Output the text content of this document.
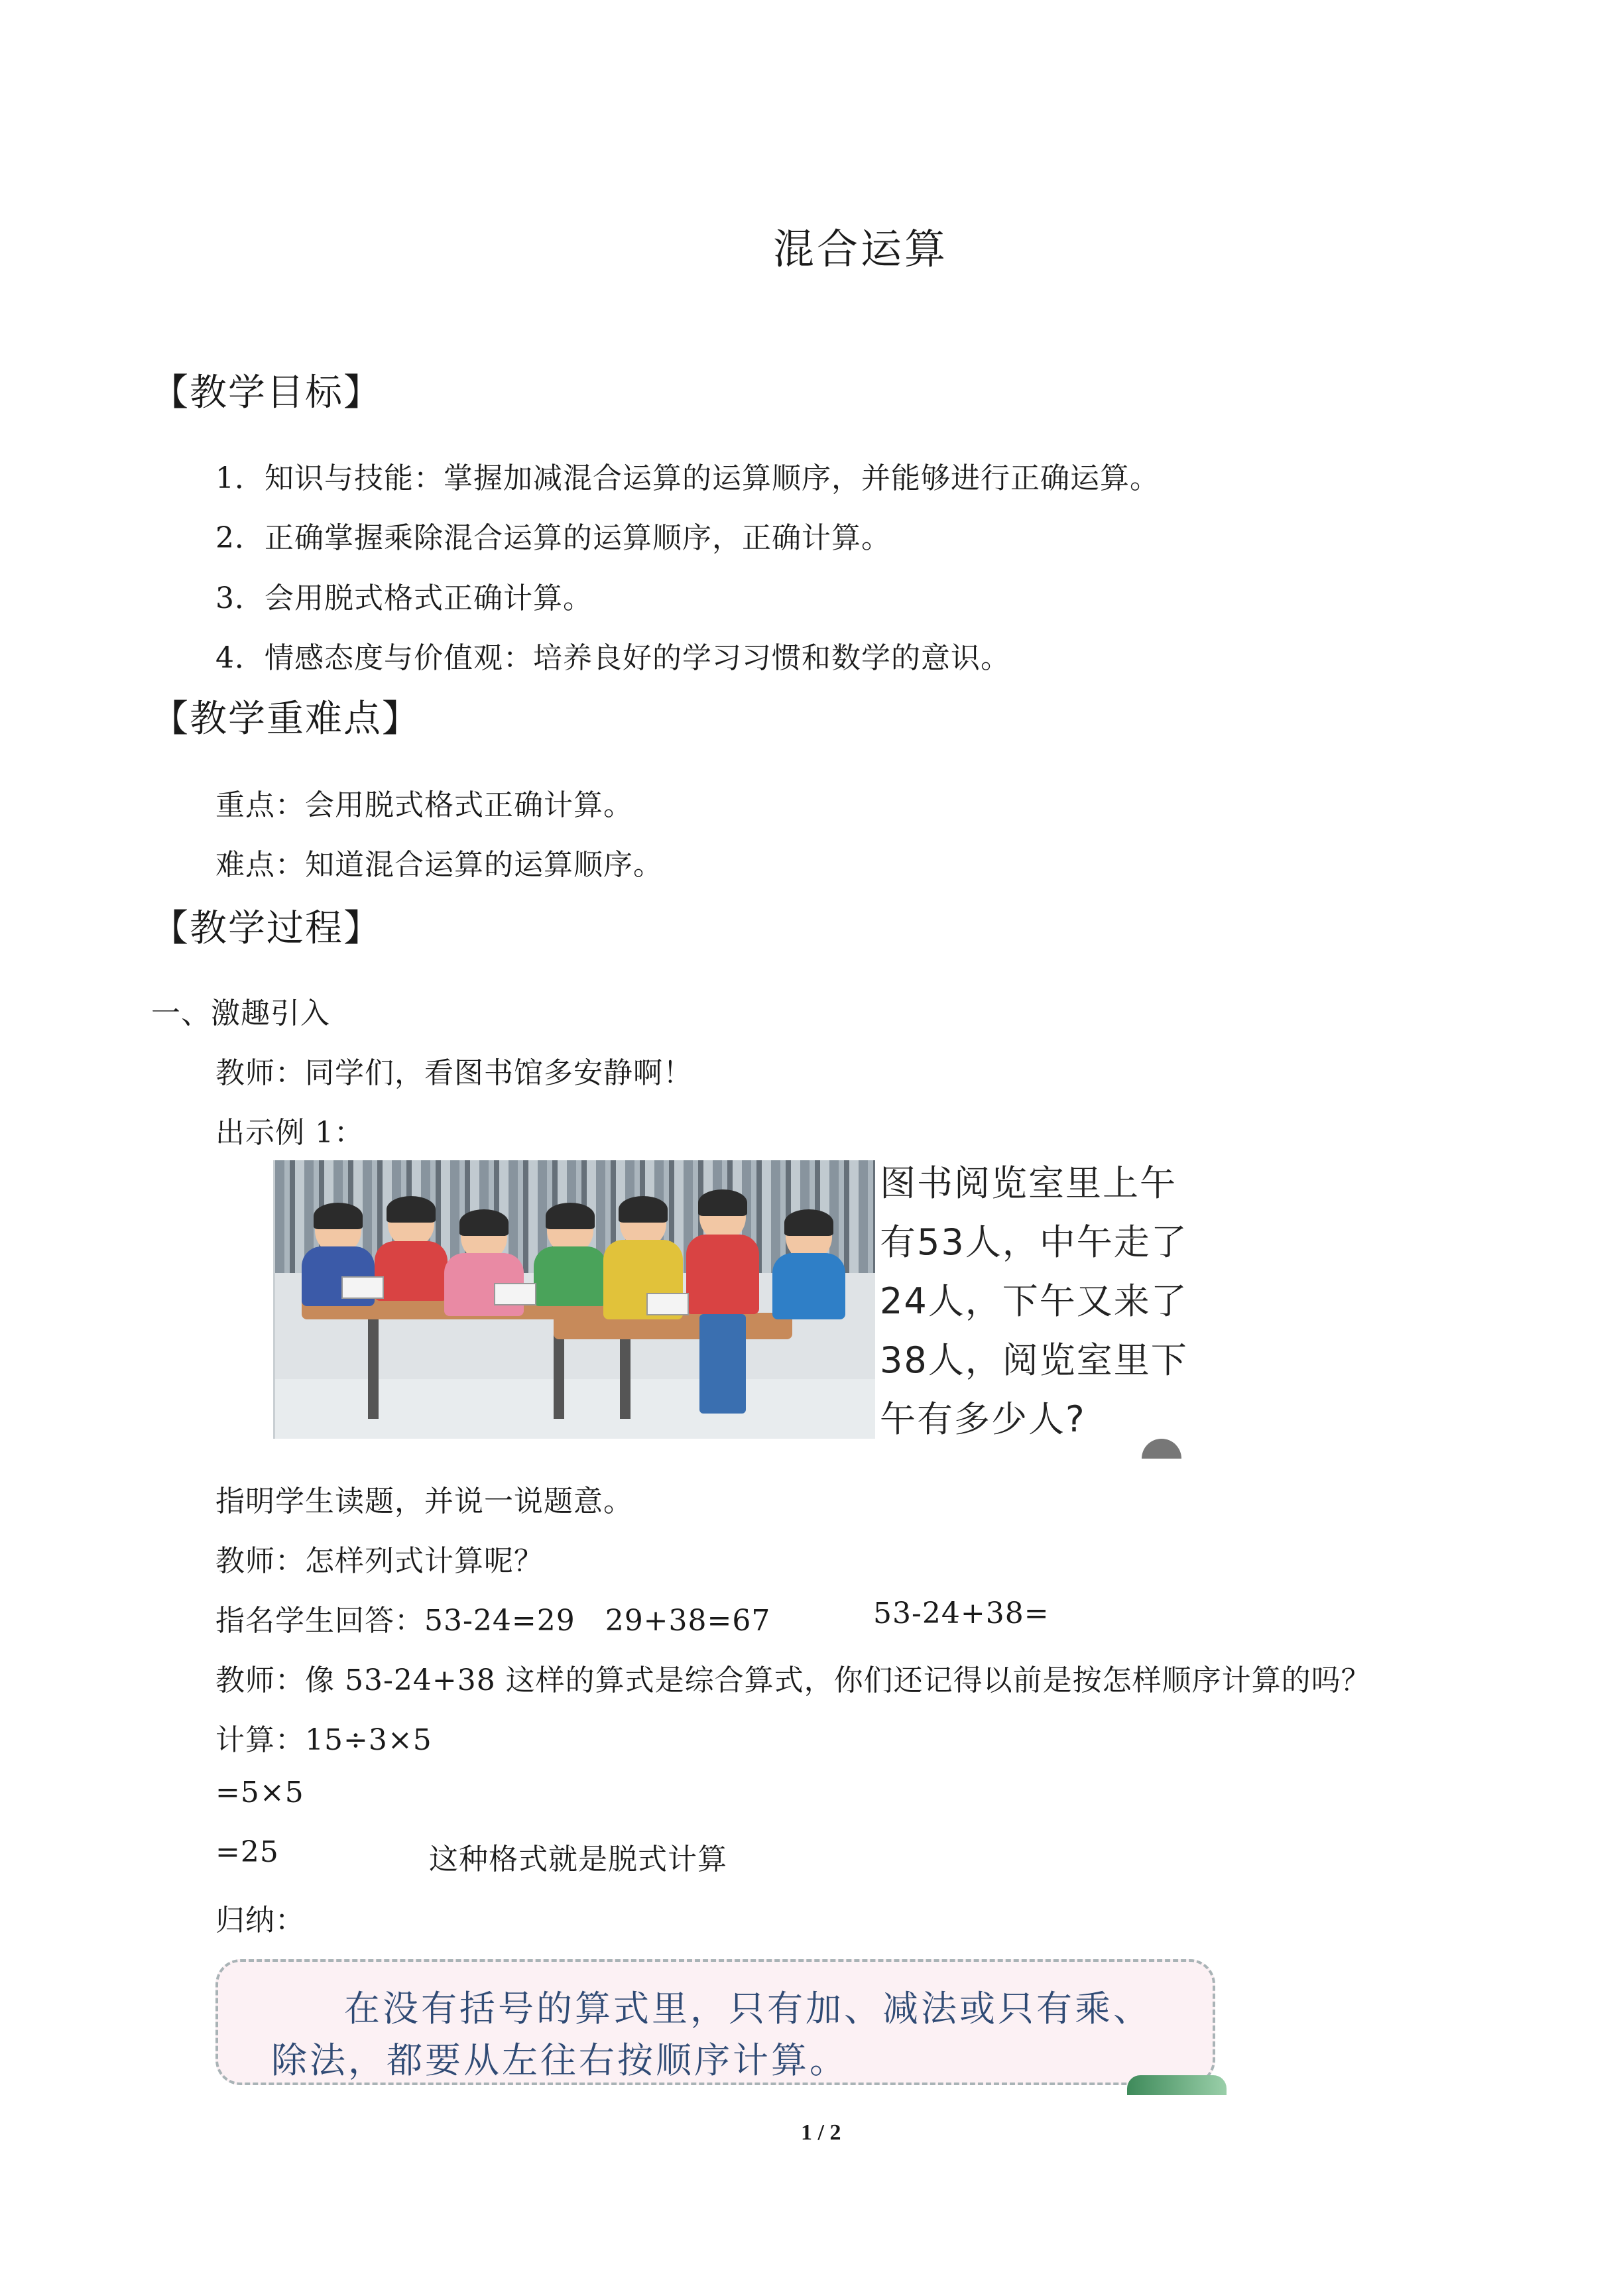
混合运算
【教学目标】
1．知识与技能：掌握加减混合运算的运算顺序，并能够进行正确运算。
2．正确掌握乘除混合运算的运算顺序，正确计算。
3．会用脱式格式正确计算。
4．情感态度与价值观：培养良好的学习习惯和数学的意识。
【教学重难点】
重点：会用脱式格式正确计算。
难点：知道混合运算的运算顺序。
【教学过程】
一、激趣引入
教师：同学们，看图书馆多安静啊！
出示例 1：
图书阅览室里上午
有53人，中午走了
24人，下午又来了
38人，阅览室里下
午有多少人?
指明学生读题，并说一说题意。
教师：怎样列式计算呢？
指名学生回答：53-24=29　29+38=67	53-24+38=
教师：像 53-24+38 这样的算式是综合算式，你们还记得以前是按怎样顺序计算的吗？
计算：15÷3×5
=5×5
=25	这种格式就是脱式计算
归纳：
在没有括号的算式里，只有加、减法或只有乘、
除法，都要从左往右按顺序计算。
1 / 2
